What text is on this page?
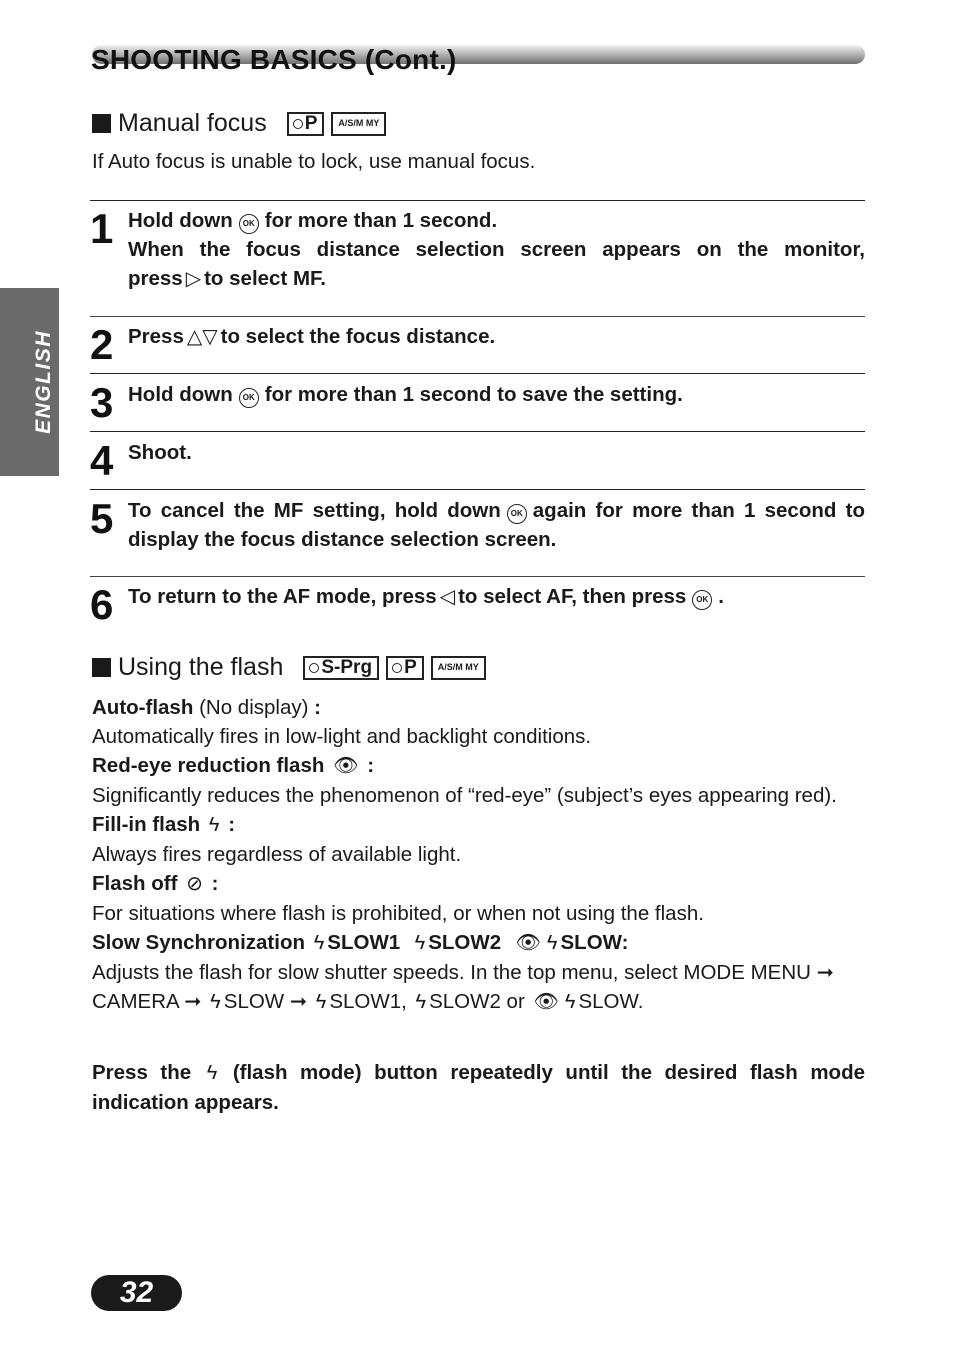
SHOOTING BASICS (Cont.)
ENGLISH
Manual focus P	A/S/M MY

If Auto focus is unable to lock, use manual focus.

1 Hold down OK for more than 1 second.
When the focus distance selection screen appears on the monitor, press ▷ to select MF.

2 Press △▽ to select the focus distance.

3 Hold down OK for more than 1 second to save the setting.

4 Shoot.

5 To cancel the MF setting, hold down OK again for more than 1 second to display the focus distance selection screen.

6 To return to the AF mode, press ◁ to select AF, then press OK .

Using the flash S-Prg P	A/S/M MY

Auto-flash (No display) :

Automatically fires in low-light and backlight conditions.

Red-eye reduction flash 👁 :

Significantly reduces the phenomenon of “red-eye” (subject’s eyes appearing red).

Fill-in flash ϟ :

Always fires regardless of available light.

Flash off ⊘ :

For situations where flash is prohibited, or when not using the flash.

Slow Synchronization ϟ SLOW1 ϟ SLOW2 👁 ϟ SLOW:

Adjusts the flash for slow shutter speeds. In the top menu, select MODE MENU ➞ CAMERA ➞ ϟ SLOW ➞ ϟ SLOW1, ϟ SLOW2 or 👁 ϟ SLOW.

Press the ϟ (flash mode) button repeatedly until the desired flash mode indication appears.

32
